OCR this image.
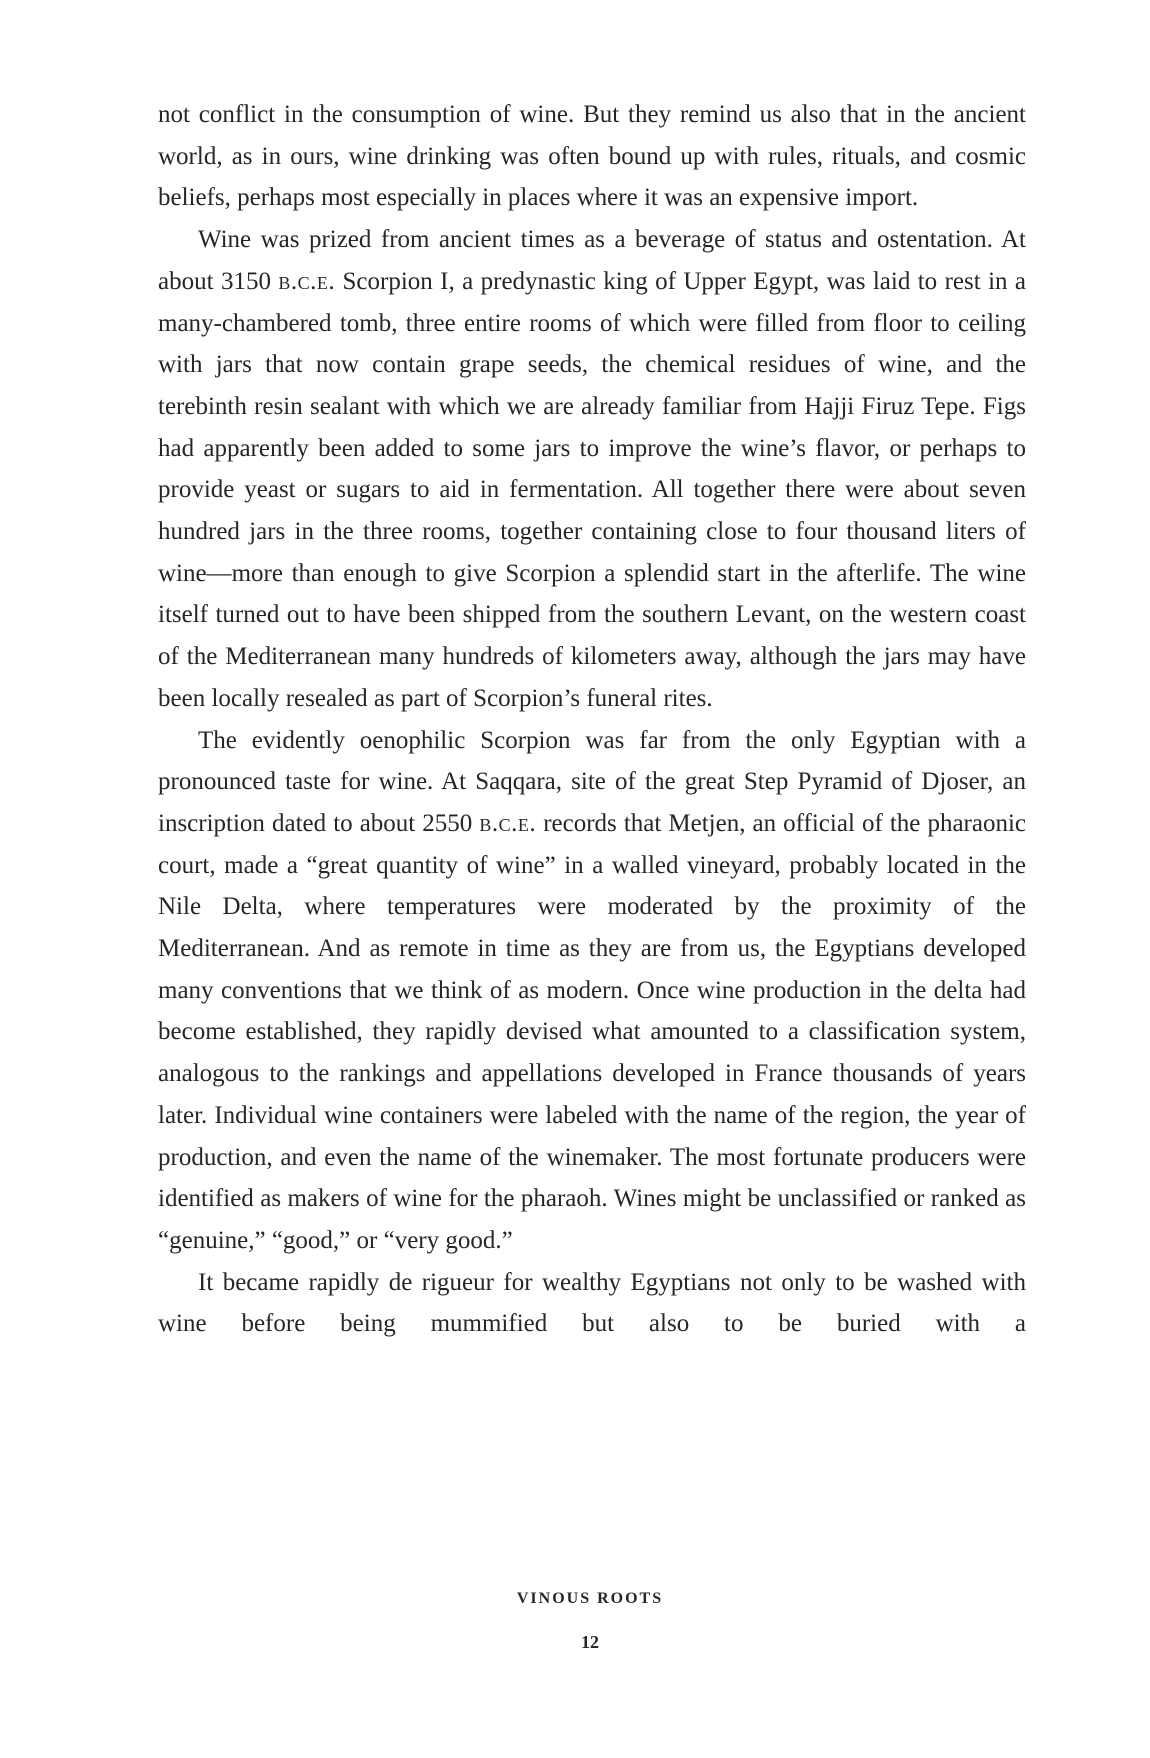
not conflict in the consumption of wine. But they remind us also that in the ancient world, as in ours, wine drinking was often bound up with rules, rituals, and cosmic beliefs, perhaps most especially in places where it was an expensive import.

Wine was prized from ancient times as a beverage of status and ostentation. At about 3150 b.c.e. Scorpion I, a predynastic king of Upper Egypt, was laid to rest in a many-chambered tomb, three entire rooms of which were filled from floor to ceiling with jars that now contain grape seeds, the chemical residues of wine, and the terebinth resin sealant with which we are already familiar from Hajji Firuz Tepe. Figs had apparently been added to some jars to improve the wine’s flavor, or perhaps to provide yeast or sugars to aid in fermentation. All together there were about seven hundred jars in the three rooms, together containing close to four thousand liters of wine—more than enough to give Scorpion a splendid start in the afterlife. The wine itself turned out to have been shipped from the southern Levant, on the western coast of the Mediterranean many hundreds of kilometers away, although the jars may have been locally resealed as part of Scorpion’s funeral rites.

The evidently oenophilic Scorpion was far from the only Egyptian with a pronounced taste for wine. At Saqqara, site of the great Step Pyramid of Djoser, an inscription dated to about 2550 b.c.e. records that Metjen, an official of the pharaonic court, made a “great quantity of wine” in a walled vineyard, probably located in the Nile Delta, where temperatures were moderated by the proximity of the Mediterranean. And as remote in time as they are from us, the Egyptians developed many conventions that we think of as modern. Once wine production in the delta had become established, they rapidly devised what amounted to a classification system, analogous to the rankings and appellations developed in France thousands of years later. Individual wine containers were labeled with the name of the region, the year of production, and even the name of the winemaker. The most fortunate producers were identified as makers of wine for the pharaoh. Wines might be unclassified or ranked as “genuine,” “good,” or “very good.”

It became rapidly de rigueur for wealthy Egyptians not only to be washed with wine before being mummified but also to be buried with a

VINOUS ROOTS
12
